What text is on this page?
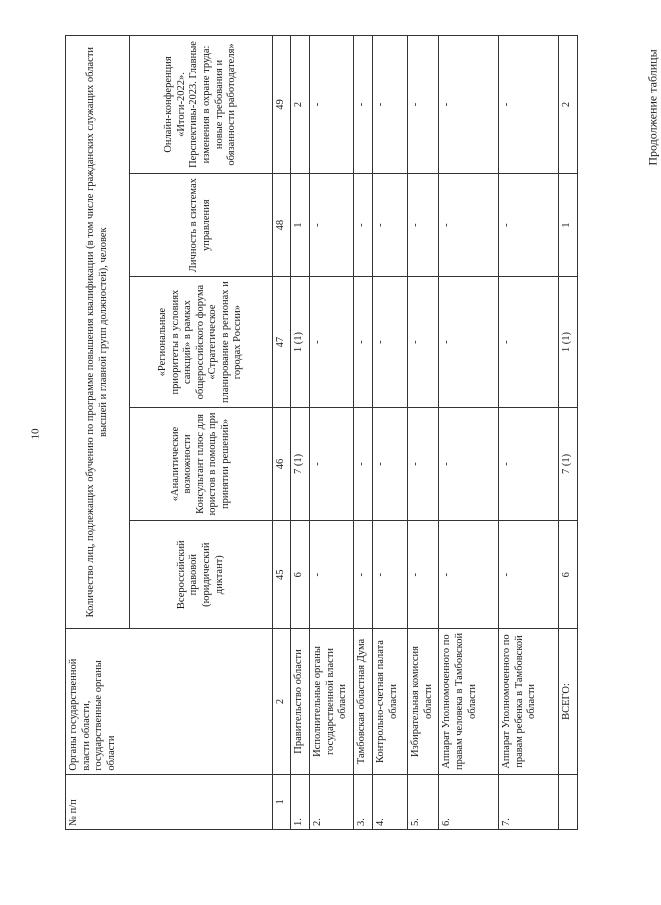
10
Продолжение таблицы
№ п/п	Органы государственной власти области, государственные органы области	Количество лиц, подлежащих обучению по программе повышения квалификации (в том числе гражданских служащих области высшей и главной групп должностей), человек				
		Всероссийский правовой (юридический диктант)	«Аналитические возможности Консультант плюс для юристов в помощь при принятии решений»	«Региональные приоритеты в условиях санкций» в рамках общероссийского форума «Стратегическое планирование в регионах и городах России»	Личность в системах управления	Онлайн-конференция «Итоги-2022». Перспективы-2023. Главные изменения в охране труда: новые требования и обязанности работодателя»
1	2	45	46	47	48	49
1.	Правительство области	6	7 (1)	1 (1)	1	2
2.	Исполнительные органы государственной власти области	-	-	-	-	-
3.	Тамбовская областная Дума	-	-	-	-	-
4.	Контрольно-счетная палата области	-	-	-	-	-
5.	Избирательная комиссия области	-	-	-	-	-
6.	Аппарат Уполномоченного по правам человека в Тамбовской области	-	-	-	-	-
7.	Аппарат Уполномоченного по правам ребенка в Тамбовской области	-	-	-	-	-
	ВСЕГО:	6	7 (1)	1 (1)	1	2
